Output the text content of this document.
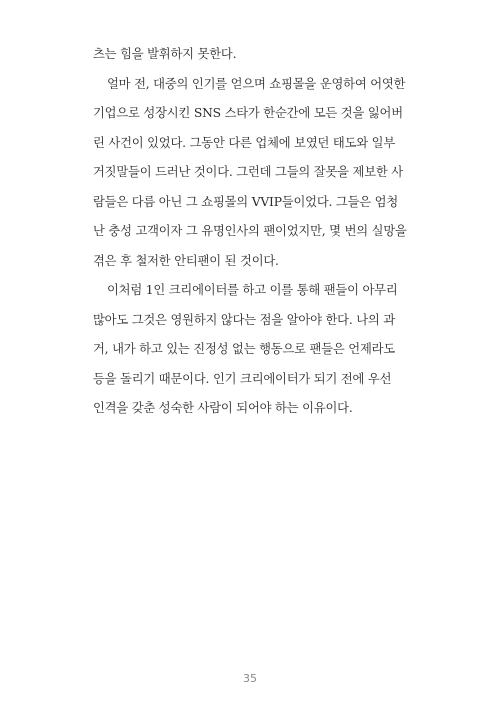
츠는 힘을 발휘하지 못한다.
얼마 전, 대중의 인기를 얻으며 쇼핑몰을 운영하여 어엿한
기업으로 성장시킨 SNS 스타가 한순간에 모든 것을 잃어버
린 사건이 있었다. 그동안 다른 업체에 보였던 태도와 일부
거짓말들이 드러난 것이다. 그런데 그들의 잘못을 제보한 사
람들은 다름 아닌 그 쇼핑몰의 VVIP들이었다. 그들은 엄청
난 충성 고객이자 그 유명인사의 팬이었지만, 몇 번의 실망을
겪은 후 철저한 안티팬이 된 것이다.
이처럼 1인 크리에이터를 하고 이를 통해 팬들이 아무리
많아도 그것은 영원하지 않다는 점을 알아야 한다. 나의 과
거, 내가 하고 있는 진정성 없는 행동으로 팬들은 언제라도
등을 돌리기 때문이다. 인기 크리에이터가 되기 전에 우선
인격을 갖춘 성숙한 사람이 되어야 하는 이유이다.
35
